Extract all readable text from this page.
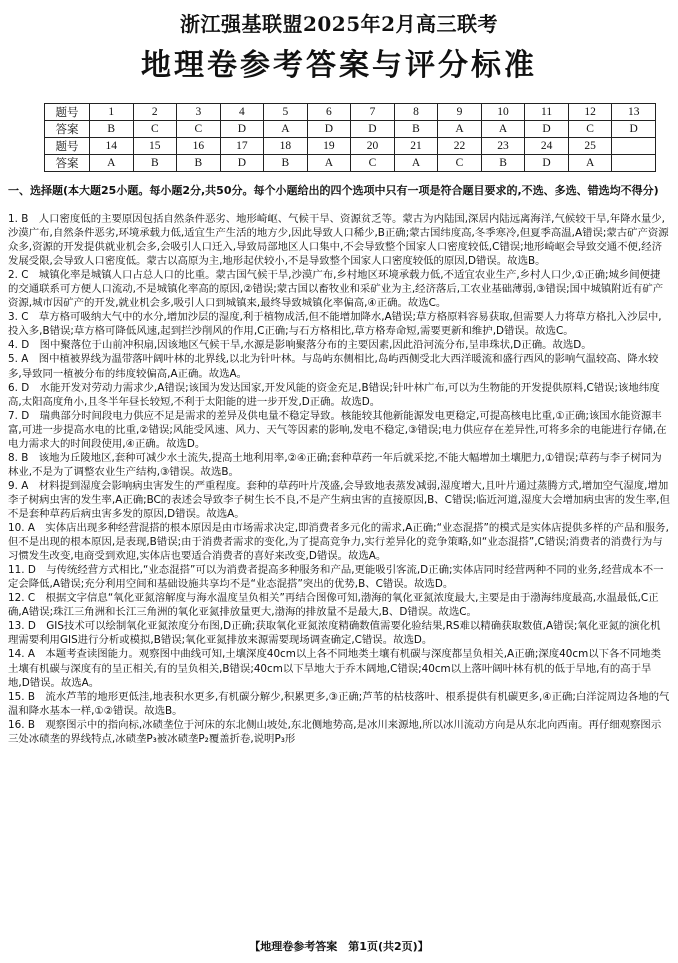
浙江强基联盟2025年2月高三联考
地理卷参考答案与评分标准
题号	1	2	3	4	5	6	7	8	9	10	11	12	13
答案	B	C	C	D	A	D	D	B	A	A	D	C	D
题号	14	15	16	17	18	19	20	21	22	23	24	25	
答案	A	B	B	D	B	A	C	A	C	B	D	A	
一、选择题(本大题25小题。每小题2分,共50分。每个小题给出的四个选项中只有一项是符合题目要求的,不选、多选、错选均不得分)

1. B　人口密度低的主要原因包括自然条件恶劣、地形崎岖、气候干旱、资源贫乏等。蒙古为内陆国,深居内陆远离海洋,气候较干旱,年降水量少,沙漠广布,自然条件恶劣,环境承载力低,适宜生产生活的地方少,因此导致人口稀少,B正确;蒙古国纬度高,冬季寒冷,但夏季高温,A错误;蒙古矿产资源众多,资源的开发提供就业机会多,会吸引人口迁入,导致局部地区人口集中,不会导致整个国家人口密度较低,C错误;地形崎岖会导致交通不便,经济发展受限,会导致人口密度低。蒙古以高原为主,地形起伏较小,不是导致整个国家人口密度较低的原因,D错误。故选B。

2. C　城镇化率是城镇人口占总人口的比重。蒙古国气候干旱,沙漠广布,乡村地区环境承载力低,不适宜农业生产,乡村人口少,①正确;城乡间便捷的交通联系可方便人口流动,不是城镇化率高的原因,②错误;蒙古国以畜牧业和采矿业为主,经济落后,工农业基础薄弱,③错误;国中城镇附近有矿产资源,城市因矿产的开发,就业机会多,吸引人口到城镇来,最终导致城镇化率偏高,④正确。故选C。

3. C　草方格可吸纳大气中的水分,增加沙层的湿度,利于植物成活,但不能增加降水,A错误;草方格原料容易获取,但需要人力将草方格扎入沙层中,投入多,B错误;草方格可降低风速,起到拦沙削风的作用,C正确;与石方格相比,草方格寿命短,需要更新和维护,D错误。故选C。

4. D　图中聚落位于山前冲积扇,因该地区气候干旱,水源是影响聚落分布的主要因素,因此沿河流分布,呈串珠状,D正确。故选D。

5. A　图中植被界线为温带落叶阔叶林的北界线,以北为针叶林。与岛屿东侧相比,岛屿西侧受北大西洋暖流和盛行西风的影响气温较高、降水较多,导致同一植被分布的纬度较偏高,A正确。故选A。

6. D　水能开发对劳动力需求少,A错误;该国为发达国家,开发风能的资金充足,B错误;针叶林广布,可以为生物能的开发提供原料,C错误;该地纬度高,太阳高度角小,且冬半年昼长较短,不利于太阳能的进一步开发,D正确。故选D。

7. D　瑞典部分时间段电力供应不足是需求的差异及供电量不稳定导致。核能较其他新能源发电更稳定,可提高核电比重,①正确;该国水能资源丰富,可进一步提高水电的比重,②错误;风能受风速、风力、天气等因素的影响,发电不稳定,③错误;电力供应存在差异性,可将多余的电能进行存储,在电力需求大的时间段使用,④正确。故选D。

8. B　该地为丘陵地区,套种可减少水土流失,提高土地利用率,②④正确;套种草药一年后就采挖,不能大幅增加土壤肥力,①错误;草药与李子树同为林业,不是为了调整农业生产结构,③错误。故选B。

9. A　材料提到湿度会影响病虫害发生的严重程度。套种的草药叶片茂盛,会导致地表蒸发减弱,湿度增大,且叶片通过蒸腾方式,增加空气湿度,增加李子树病虫害的发生率,A正确;BC的表述会导致李子树生长不良,不是产生病虫害的直接原因,B、C错误;临近河道,湿度大会增加病虫害的发生率,但不是套种草药后病虫害多发的原因,D错误。故选A。

10. A　实体店出现多种经营混搭的根本原因是由市场需求决定,即消费者多元化的需求,A正确;“业态混搭”的模式是实体店提供多样的产品和服务,但不是出现的根本原因,是表现,B错误;由于消费者需求的变化,为了提高竞争力,实行差异化的竞争策略,如“业态混搭”,C错误;消费者的消费行为与习惯发生改变,电商受到欢迎,实体店也要适合消费者的喜好来改变,D错误。故选A。

11. D　与传统经营方式相比,“业态混搭”可以为消费者提高多种服务和产品,更能吸引客流,D正确;实体店同时经营两种不同的业务,经营成本不一定会降低,A错误;充分利用空间和基础设施共享均不是“业态混搭”突出的优势,B、C错误。故选D。

12. C　根据文字信息“氧化亚氮溶解度与海水温度呈负相关”再结合图像可知,渤海的氧化亚氮浓度最大,主要是由于渤海纬度最高,水温最低,C正确,A错误;珠江三角洲和长江三角洲的氧化亚氮排放量更大,渤海的排放量不是最大,B、D错误。故选C。

13. D　GIS技术可以绘制氧化亚氮浓度分布图,D正确;获取氧化亚氮浓度精确数值需要化验结果,RS难以精确获取数值,A错误;氧化亚氮的演化机理需要利用GIS进行分析或模拟,B错误;氧化亚氮排放来源需要现场调查确定,C错误。故选D。

14. A　本题考查读图能力。观察图中曲线可知,土壤深度40cm以上各不同地类土壤有机碳与深度都呈负相关,A正确;深度40cm以下各不同地类土壤有机碳与深度有的呈正相关,有的呈负相关,B错误;40cm以下旱地大于乔木阔地,C错误;40cm以上落叶阔叶林有机的低于旱地,有的高于旱地,D错误。故选A。

15. B　流水芦苇的地形更低洼,地表积水更多,有机碳分解少,积累更多,③正确;芦苇的枯枝落叶、根系提供有机碳更多,④正确;白洋淀周边各地的气温和降水基本一样,①②错误。故选B。

16. B　观察图示中的指向标,冰碛垄位于河床的东北侧山坡处,东北侧地势高,是冰川来源地,所以冰川流动方向是从东北向西南。再仔细观察图示三处冰碛垄的界线特点,冰碛垄P₃被冰碛垄P₂覆盖折卷,说明P₃形

【地理卷参考答案　第1页(共2页)】
